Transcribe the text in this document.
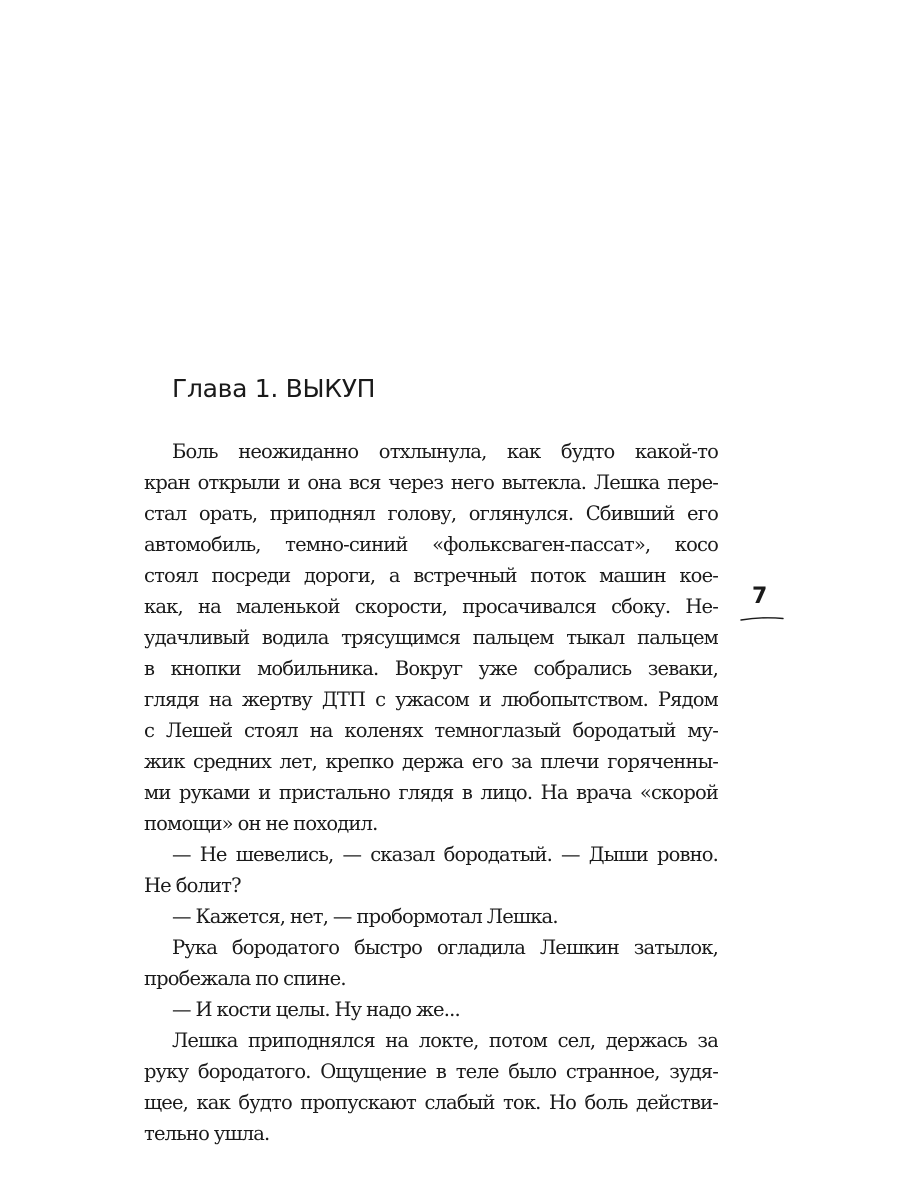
Глава 1. ВЫКУП
Боль неожиданно отхлынула, как будто какой-то
кран открыли и она вся через него вытекла. Лешка пере-
стал орать, приподнял голову, оглянулся. Сбивший его
автомобиль, темно-синий «фольксваген-пассат», косо
стоял посреди дороги, а встречный поток машин кое-
как, на маленькой скорости, просачивался сбоку. Не-
удачливый водила трясущимся пальцем тыкал пальцем
в кнопки мобильника. Вокруг уже собрались зеваки,
глядя на жертву ДТП с ужасом и любопытством. Рядом
с Лешей стоял на коленях темноглазый бородатый му-
жик средних лет, крепко держа его за плечи горяченны-
ми руками и пристально глядя в лицо. На врача «скорой
помощи» он не походил.
— Не шевелись, — сказал бородатый. — Дыши ровно.
Не болит?
— Кажется, нет, — пробормотал Лешка.
Рука бородатого быстро огладила Лешкин затылок,
пробежала по спине.
— И кости целы. Ну надо же...
Лешка приподнялся на локте, потом сел, держась за
руку бородатого. Ощущение в теле было странное, зудя-
щее, как будто пропускают слабый ток. Но боль действи-
тельно ушла.
7
